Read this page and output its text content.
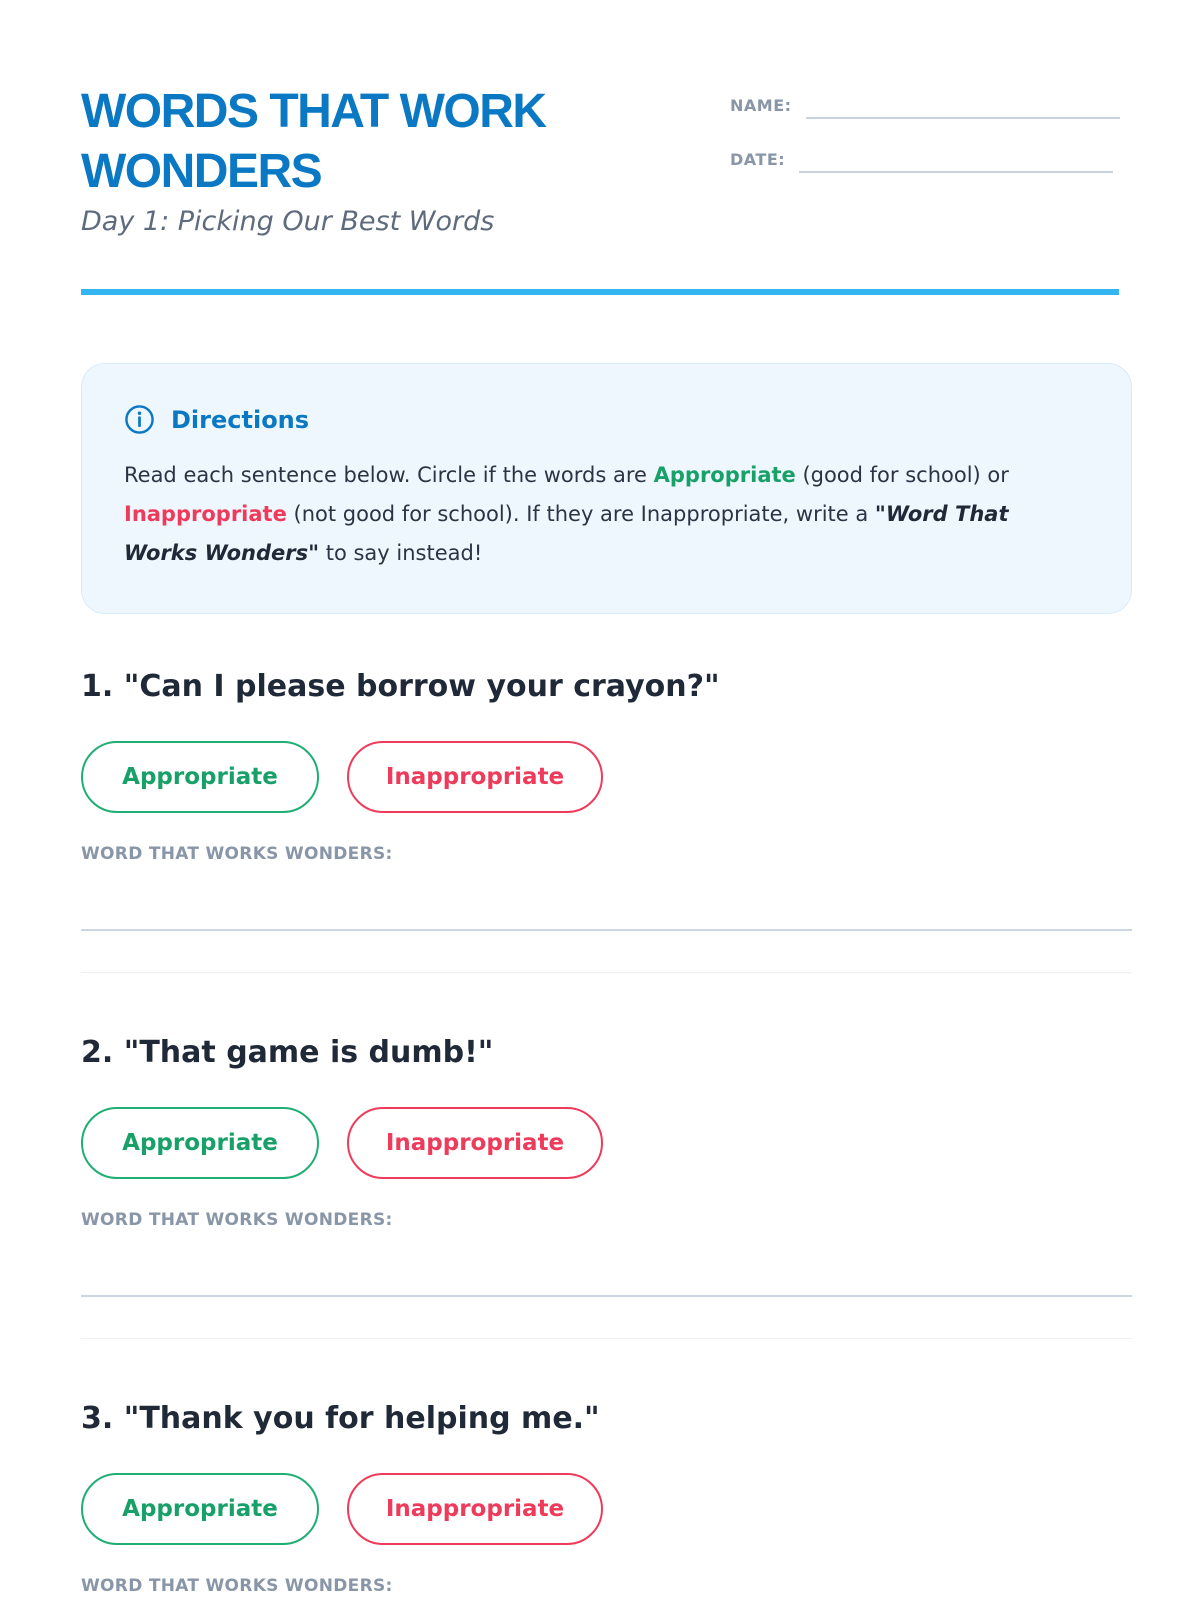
WORDS THAT WORK WONDERS
Day 1: Picking Our Best Words
NAME:
DATE:
Directions

Read each sentence below. Circle if the words are Appropriate (good for school) or Inappropriate (not good for school). If they are Inappropriate, write a "Word That Works Wonders" to say instead!

1. "Can I please borrow your crayon?"
Appropriate	Inappropriate
WORD THAT WORKS WONDERS:
2. "That game is dumb!"
Appropriate	Inappropriate
WORD THAT WORKS WONDERS:
3. "Thank you for helping me."
Appropriate	Inappropriate
WORD THAT WORKS WONDERS:
